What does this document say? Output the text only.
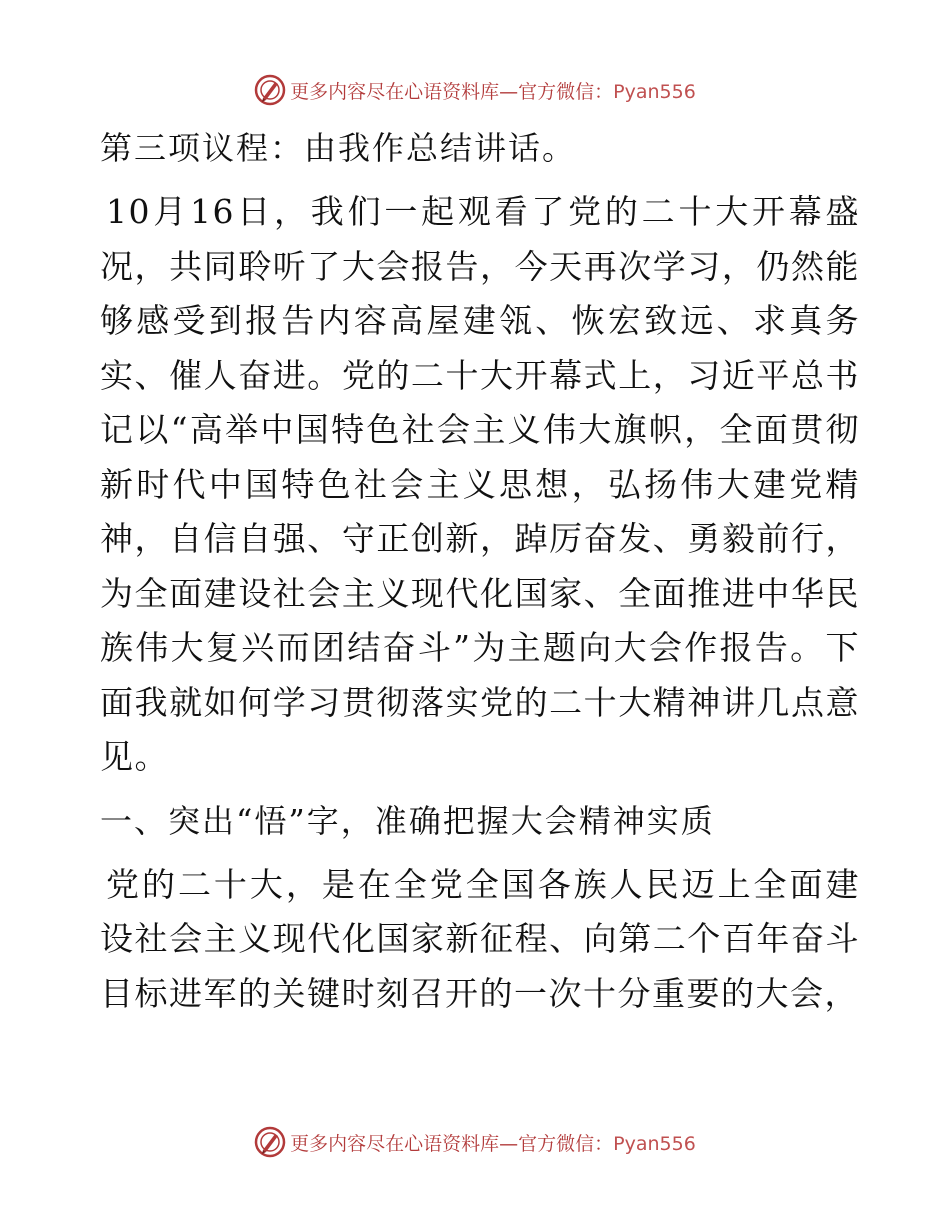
更多内容尽在心语资料库—官方微信：Pyan556

第三项议程：由我作总结讲话。

10月16日，我们一起观看了党的二十大开幕盛况，共同聆听了大会报告，今天再次学习，仍然能够感受到报告内容高屋建瓴、恢宏致远、求真务实、催人奋进。党的二十大开幕式上，习近平总书记以“高举中国特色社会主义伟大旗帜，全面贯彻新时代中国特色社会主义思想，弘扬伟大建党精神，自信自强、守正创新，踔厉奋发、勇毅前行，为全面建设社会主义现代化国家、全面推进中华民族伟大复兴而团结奋斗”为主题向大会作报告。下面我就如何学习贯彻落实党的二十大精神讲几点意见。

一、突出“悟”字，准确把握大会精神实质

党的二十大，是在全党全国各族人民迈上全面建设社会主义现代化国家新征程、向第二个百年奋斗目标进军的关键时刻召开的一次十分重要的大会，

更多内容尽在心语资料库—官方微信：Pyan556
